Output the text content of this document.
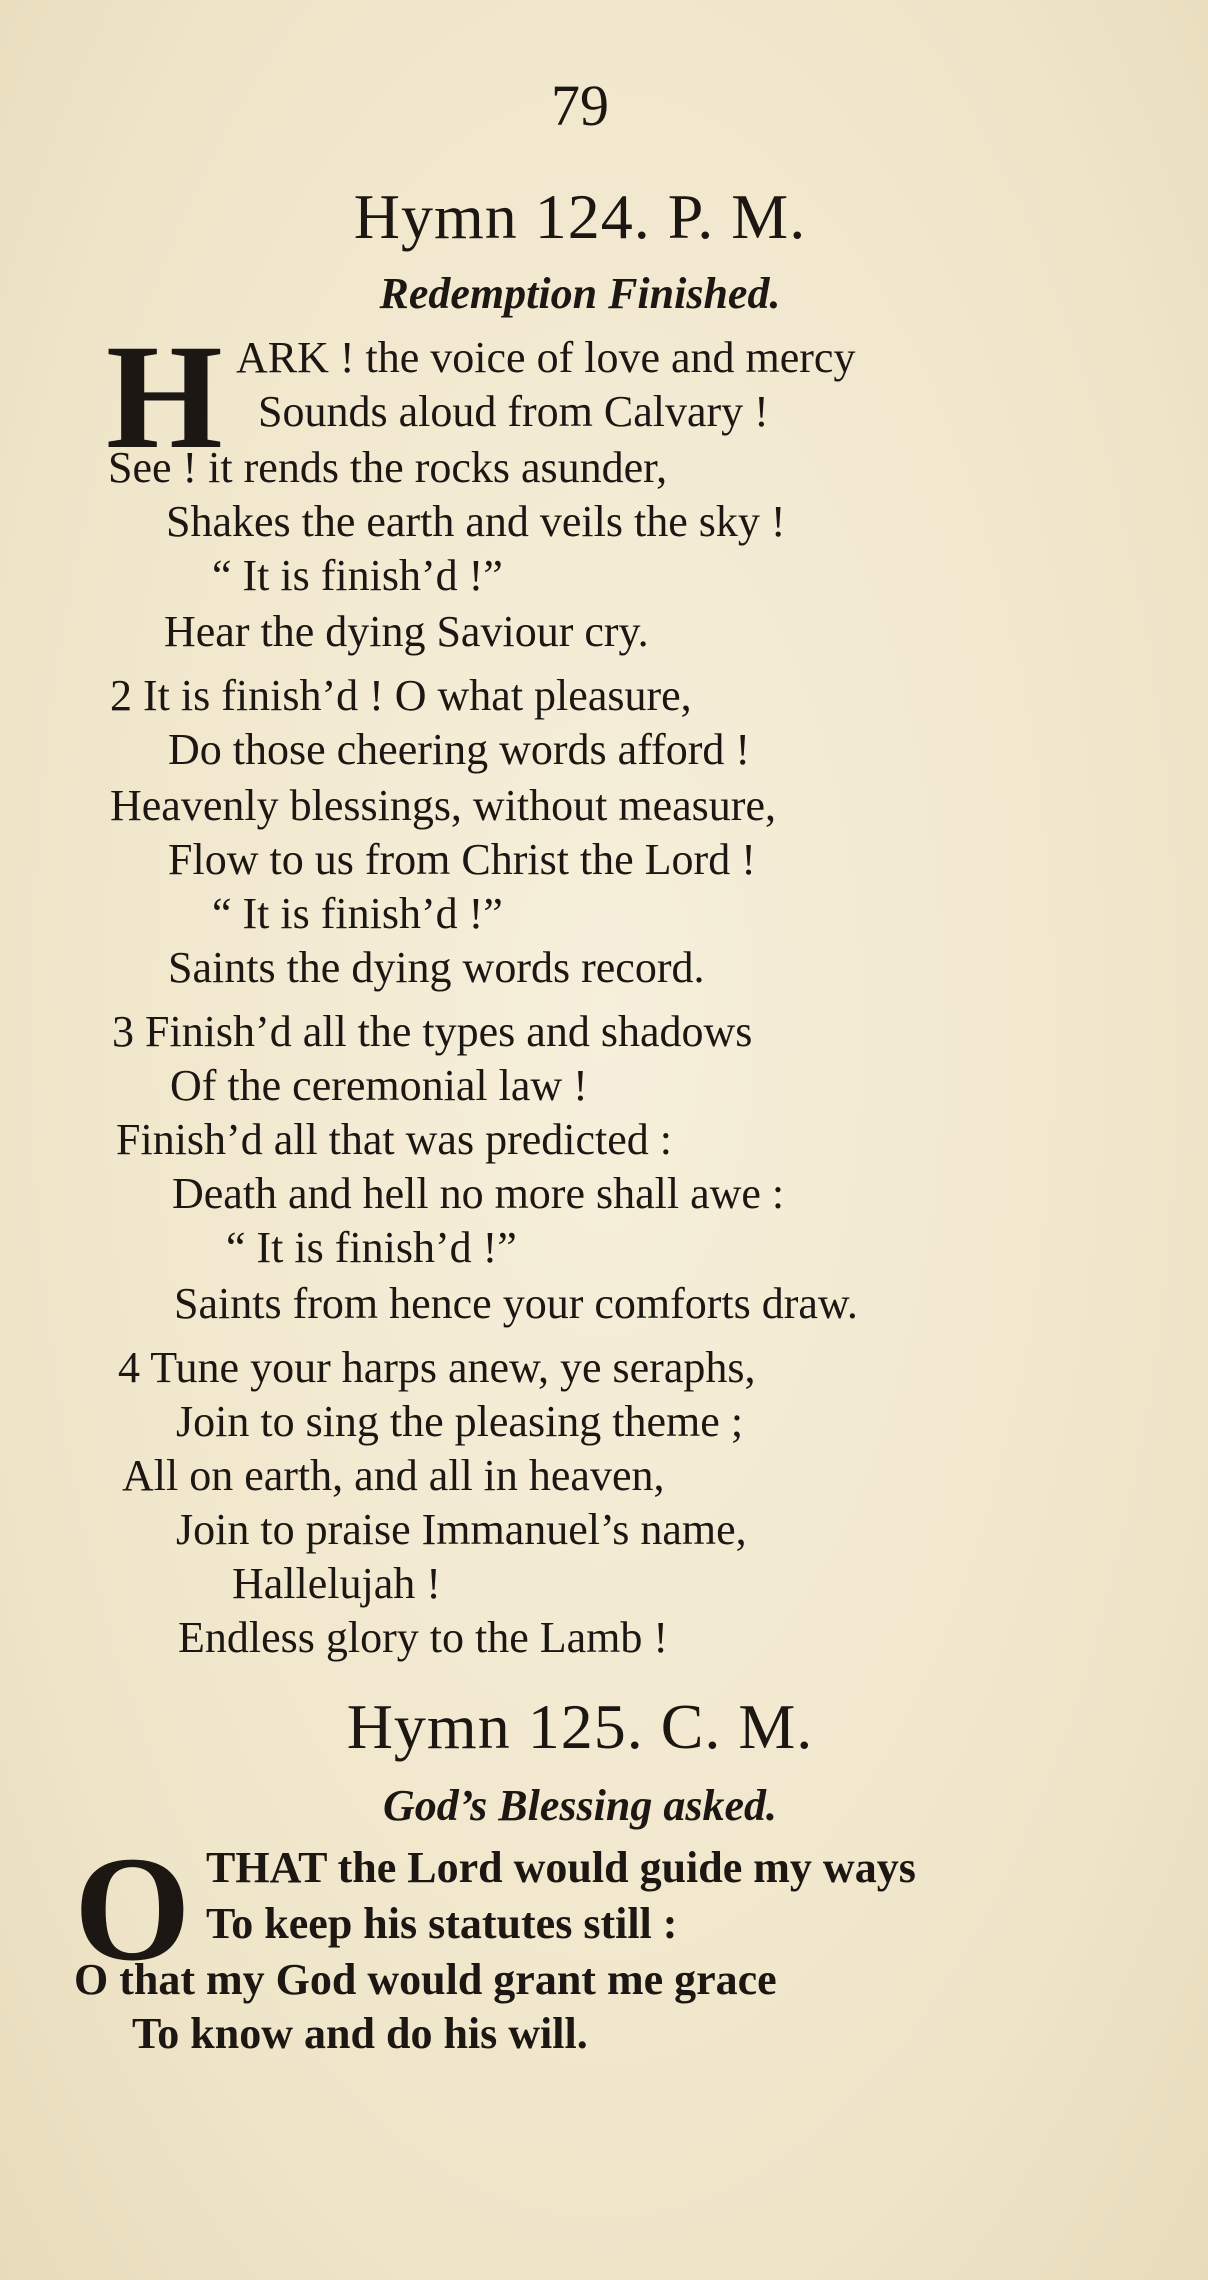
79
Hymn 124. P. M.
Redemption Finished.
H ARK ! the voice of love and mercy
Sounds aloud from Calvary !
See ! it rends the rocks asunder,
Shakes the earth and veils the sky !
“ It is finish’d !”
Hear the dying Saviour cry.
2 It is finish’d ! O what pleasure,
Do those cheering words afford !
Heavenly blessings, without measure,
Flow to us from Christ the Lord !
“ It is finish’d !”
Saints the dying words record.
3 Finish’d all the types and shadows
Of the ceremonial law !
Finish’d all that was predicted :
Death and hell no more shall awe :
“ It is finish’d !”
Saints from hence your comforts draw.
4 Tune your harps anew, ye seraphs,
Join to sing the pleasing theme ;
All on earth, and all in heaven,
Join to praise Immanuel’s name,
Hallelujah !
Endless glory to the Lamb !
Hymn 125. C. M.
God’s Blessing asked.
O THAT the Lord would guide my ways
To keep his statutes still :
O that my God would grant me grace
To know and do his will.
